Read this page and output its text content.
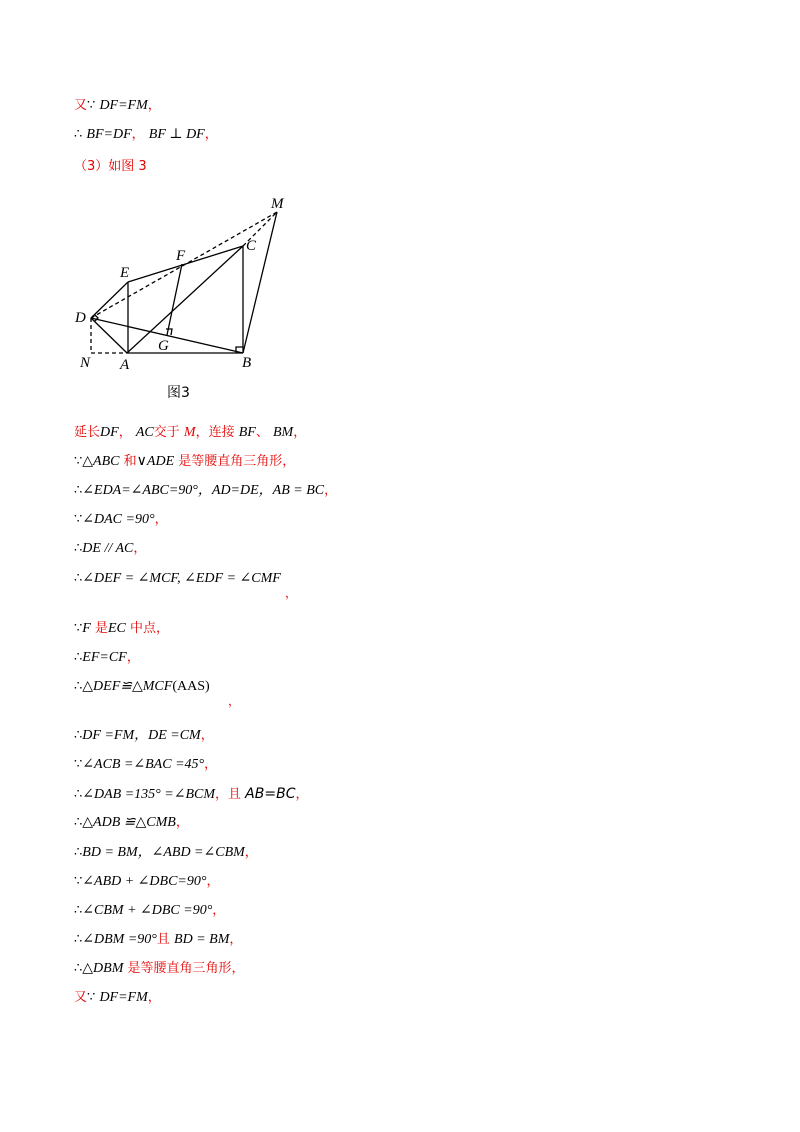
又∵ DF=FM，
∴ BF=DF， BF ⊥ DF，
（3）如图 3
M
C
F
E
D
G
N A	B
图3
延长DF， AC交于 M，连接 BF、 BM，
∵△ABC 和∨ADE 是等腰直角三角形，
∴∠EDA=∠ABC=90°，AD=DE，AB = BC，
∵∠DAC =90°，
∴DE // AC，
∴∠DEF = ∠MCF, ∠EDF = ∠CMF
，
∵F 是EC 中点，
∴EF=CF，
∴△DEF≌△MCF(AAS)
，
∴DF =FM，DE =CM，
∵∠ACB =∠BAC =45°，
∴∠DAB =135° =∠BCM，且 AB=BC，
∴△ADB ≌△CMB，
∴BD = BM，∠ABD =∠CBM，
∵∠ABD + ∠DBC=90°，
∴∠CBM + ∠DBC =90°，
∴∠DBM =90°且 BD = BM，
∴△DBM 是等腰直角三角形，
又∵ DF=FM，
